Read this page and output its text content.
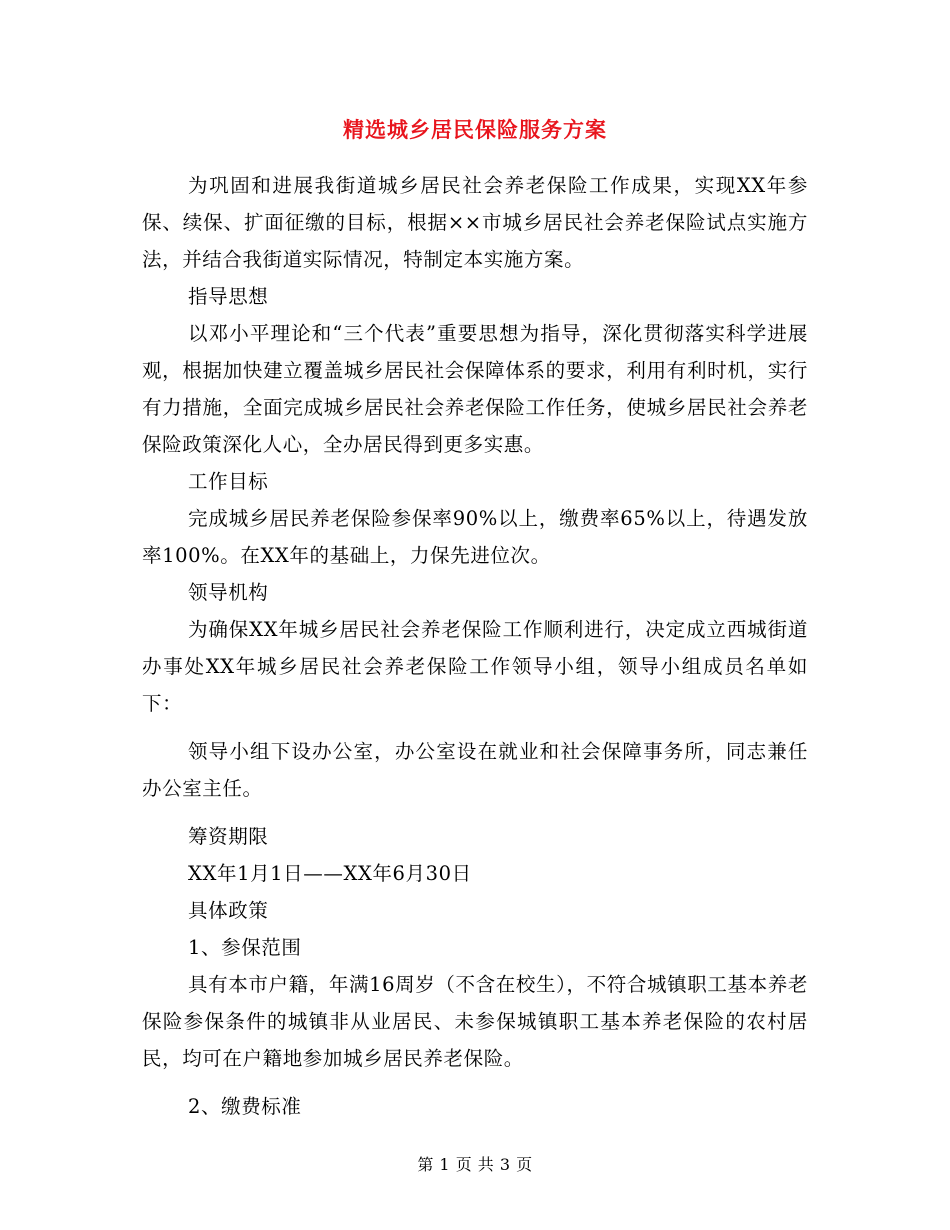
精选城乡居民保险服务方案

为巩固和进展我街道城乡居民社会养老保险工作成果，实现XX年参保、续保、扩面征缴的目标，根据××市城乡居民社会养老保险试点实施方法，并结合我街道实际情况，特制定本实施方案。

指导思想

以邓小平理论和“三个代表”重要思想为指导，深化贯彻落实科学进展观，根据加快建立覆盖城乡居民社会保障体系的要求，利用有利时机，实行有力措施，全面完成城乡居民社会养老保险工作任务，使城乡居民社会养老保险政策深化人心，全办居民得到更多实惠。

工作目标

完成城乡居民养老保险参保率90%以上，缴费率65%以上，待遇发放率100%。在XX年的基础上，力保先进位次。

领导机构

为确保XX年城乡居民社会养老保险工作顺利进行，决定成立西城街道办事处XX年城乡居民社会养老保险工作领导小组，领导小组成员名单如下：

领导小组下设办公室，办公室设在就业和社会保障事务所，同志兼任办公室主任。

筹资期限

XX年1月1日——XX年6月30日

具体政策

1、参保范围

具有本市户籍，年满16周岁（不含在校生），不符合城镇职工基本养老保险参保条件的城镇非从业居民、未参保城镇职工基本养老保险的农村居民，均可在户籍地参加城乡居民养老保险。

2、缴费标准

第 1 页 共 3 页
